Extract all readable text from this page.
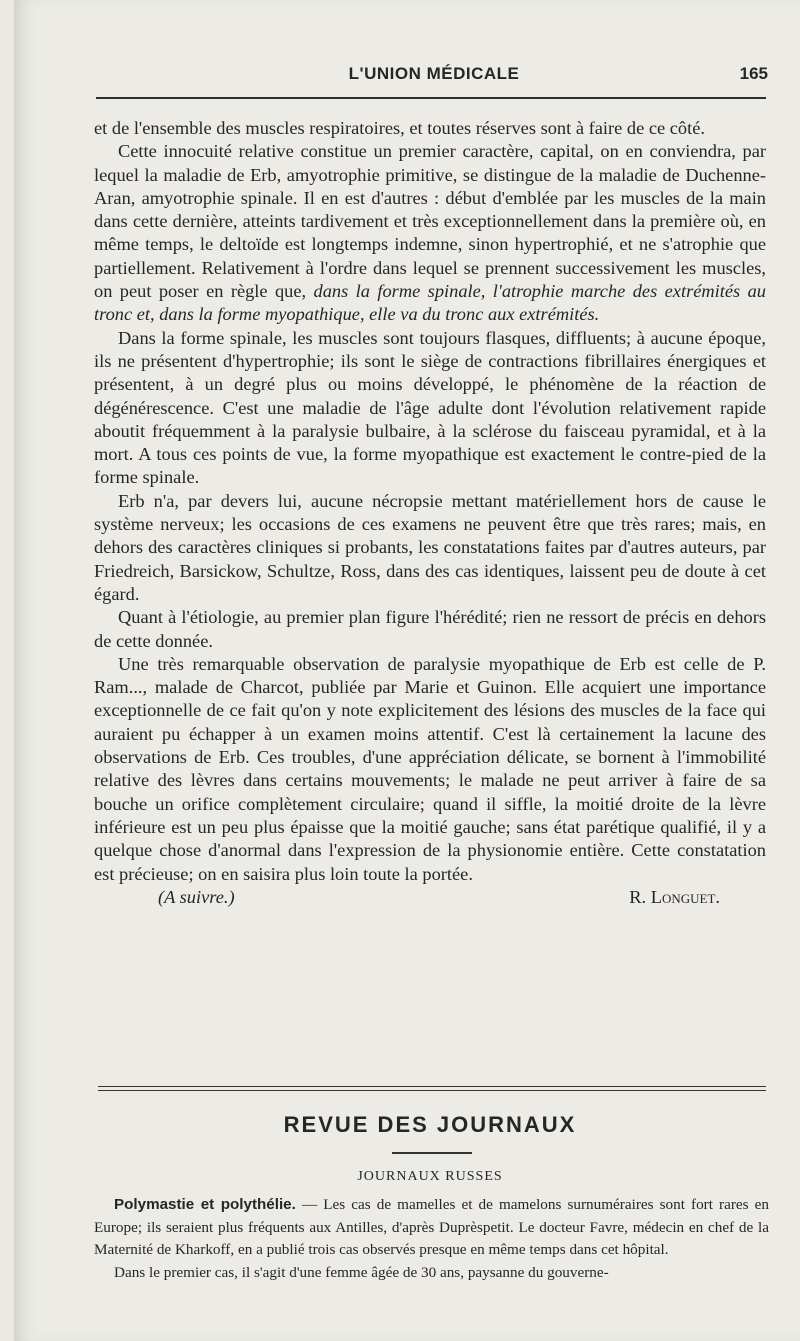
L'UNION MÉDICALE	165

et de l'ensemble des muscles respiratoires, et toutes réserves sont à faire de ce côté.

Cette innocuité relative constitue un premier caractère, capital, on en conviendra, par lequel la maladie de Erb, amyotrophie primitive, se distingue de la maladie de Duchenne-Aran, amyotrophie spinale. Il en est d'autres : début d'emblée par les muscles de la main dans cette dernière, atteints tardivement et très exceptionnellement dans la première où, en même temps, le deltoïde est longtemps indemne, sinon hypertrophié, et ne s'atrophie que partiellement. Relativement à l'ordre dans lequel se prennent successivement les muscles, on peut poser en règle que, dans la forme spinale, l'atrophie marche des extrémités au tronc et, dans la forme myopathique, elle va du tronc aux extrémités.

Dans la forme spinale, les muscles sont toujours flasques, diffluents; à aucune époque, ils ne présentent d'hypertrophie; ils sont le siège de contractions fibrillaires énergiques et présentent, à un degré plus ou moins développé, le phénomène de la réaction de dégénérescence. C'est une maladie de l'âge adulte dont l'évolution relativement rapide aboutit fréquemment à la paralysie bulbaire, à la sclérose du faisceau pyramidal, et à la mort. A tous ces points de vue, la forme myopathique est exactement le contre-pied de la forme spinale.

Erb n'a, par devers lui, aucune nécropsie mettant matériellement hors de cause le système nerveux; les occasions de ces examens ne peuvent être que très rares; mais, en dehors des caractères cliniques si probants, les constatations faites par d'autres auteurs, par Friedreich, Barsickow, Schultze, Ross, dans des cas identiques, laissent peu de doute à cet égard.

Quant à l'étiologie, au premier plan figure l'hérédité; rien ne ressort de précis en dehors de cette donnée.

Une très remarquable observation de paralysie myopathique de Erb est celle de P. Ram..., malade de Charcot, publiée par Marie et Guinon. Elle acquiert une importance exceptionnelle de ce fait qu'on y note explicitement des lésions des muscles de la face qui auraient pu échapper à un examen moins attentif. C'est là certainement la lacune des observations de Erb. Ces troubles, d'une appréciation délicate, se bornent à l'immobilité relative des lèvres dans certains mouvements; le malade ne peut arriver à faire de sa bouche un orifice complètement circulaire; quand il siffle, la moitié droite de la lèvre inférieure est un peu plus épaisse que la moitié gauche; sans état parétique qualifié, il y a quelque chose d'anormal dans l'expression de la physionomie entière. Cette constatation est précieuse; on en saisira plus loin toute la portée.

(A suivre.)	R. Longuet.
REVUE DES JOURNAUX
JOURNAUX RUSSES

Polymastie et polythélie. — Les cas de mamelles et de mamelons surnuméraires sont fort rares en Europe; ils seraient plus fréquents aux Antilles, d'après Duprèspetit. Le docteur Favre, médecin en chef de la Maternité de Kharkoff, en a publié trois cas observés presque en même temps dans cet hôpital.

Dans le premier cas, il s'agit d'une femme âgée de 30 ans, paysanne du gouverne-
